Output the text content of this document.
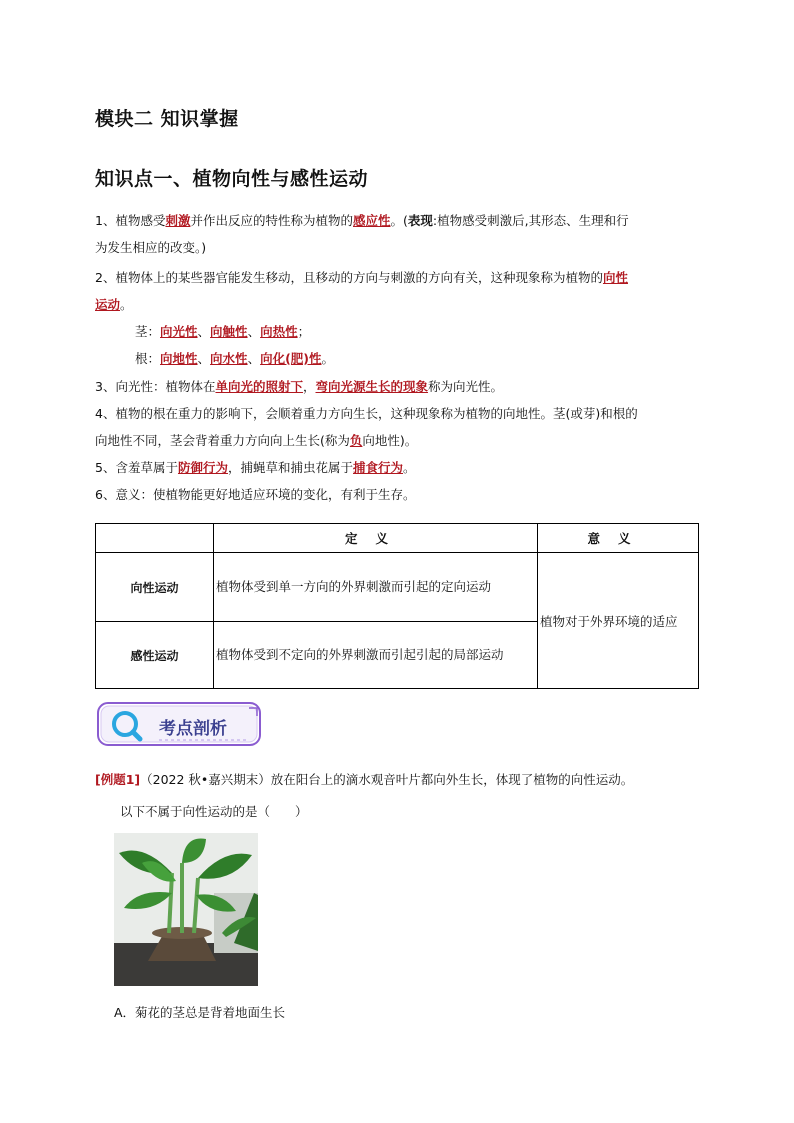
模块二 知识掌握
知识点一、植物向性与感性运动
1、植物感受刺激并作出反应的特性称为植物的感应性。(表现:植物感受刺激后,其形态、生理和行
为发生相应的改变。)
2、植物体上的某些器官能发生移动，且移动的方向与刺激的方向有关，这种现象称为植物的向性
运动。
茎：向光性、向触性、向热性；
根：向地性、向水性、向化(肥)性。
3、向光性：植物体在单向光的照射下，弯向光源生长的现象称为向光性。
4、植物的根在重力的影响下，会顺着重力方向生长，这种现象称为植物的向地性。茎(或芽)和根的
向地性不同，茎会背着重力方向向上生长(称为负向地性)。
5、含羞草属于防御行为，捕蝇草和捕虫花属于捕食行为。
6、意义：使植物能更好地适应环境的变化，有利于生存。
	定义	意义
向性运动	植物体受到单一方向的外界刺激而引起的定向运动	植物对于外界环境的适应
感性运动	植物体受到不定向的外界刺激而引起引起的局部运动	
考点剖析
[例题1]（2022 秋•嘉兴期末）放在阳台上的滴水观音叶片都向外生长，体现了植物的向性运动。
以下不属于向性运动的是（　　）
A．菊花的茎总是背着地面生长
